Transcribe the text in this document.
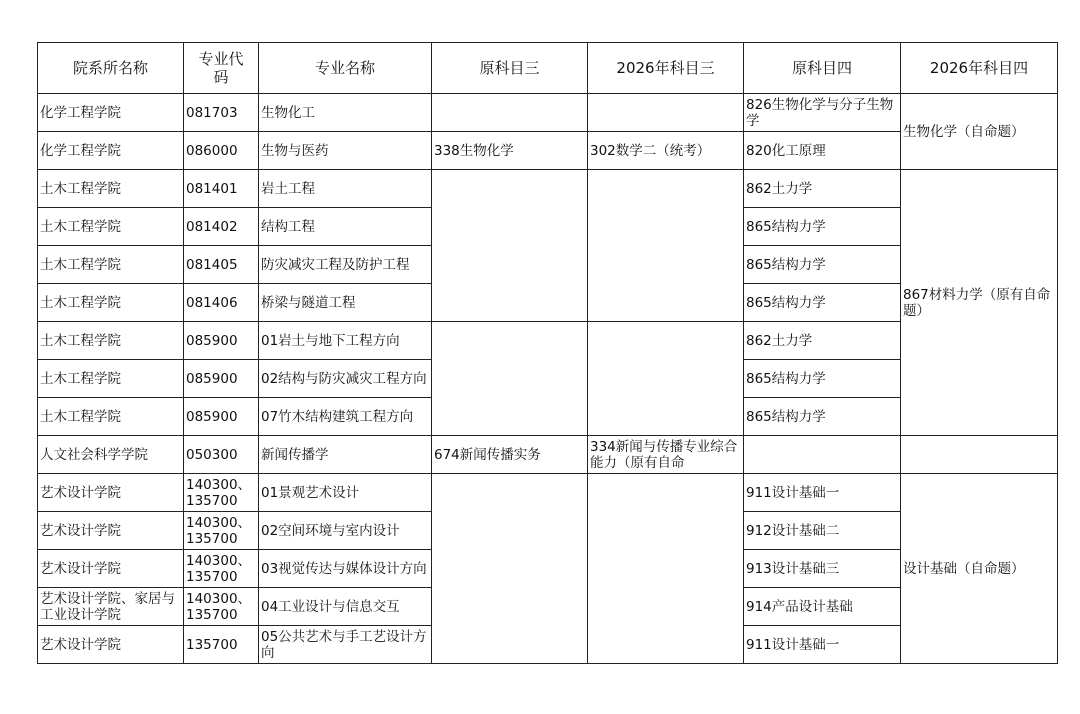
院系所名称	专业代码	专业名称	原科目三	2026年科目三	原科目四	2026年科目四
化学工程学院	081703	生物化工			826生物化学与分子生物学	生物化学（自命题）
化学工程学院	086000	生物与医药	338生物化学	302数学二（统考）	820化工原理	
土木工程学院	081401	岩土工程			862土力学	867材料力学（原有自命题）
土木工程学院	081402	结构工程			865结构力学	
土木工程学院	081405	防灾减灾工程及防护工程			865结构力学	
土木工程学院	081406	桥梁与隧道工程			865结构力学	
土木工程学院	085900	01岩土与地下工程方向			862土力学	
土木工程学院	085900	02结构与防灾减灾工程方向			865结构力学	
土木工程学院	085900	07竹木结构建筑工程方向			865结构力学	
人文社会科学学院	050300	新闻传播学	674新闻传播实务	334新闻与传播专业综合能力（原有自命		
艺术设计学院	140300、135700	01景观艺术设计			911设计基础一	设计基础（自命题）
艺术设计学院	140300、135700	02空间环境与室内设计			912设计基础二	
艺术设计学院	140300、135700	03视觉传达与媒体设计方向			913设计基础三	
艺术设计学院、家居与工业设计学院	140300、135700	04工业设计与信息交互			914产品设计基础	
艺术设计学院	135700	05公共艺术与手工艺设计方向			911设计基础一	
